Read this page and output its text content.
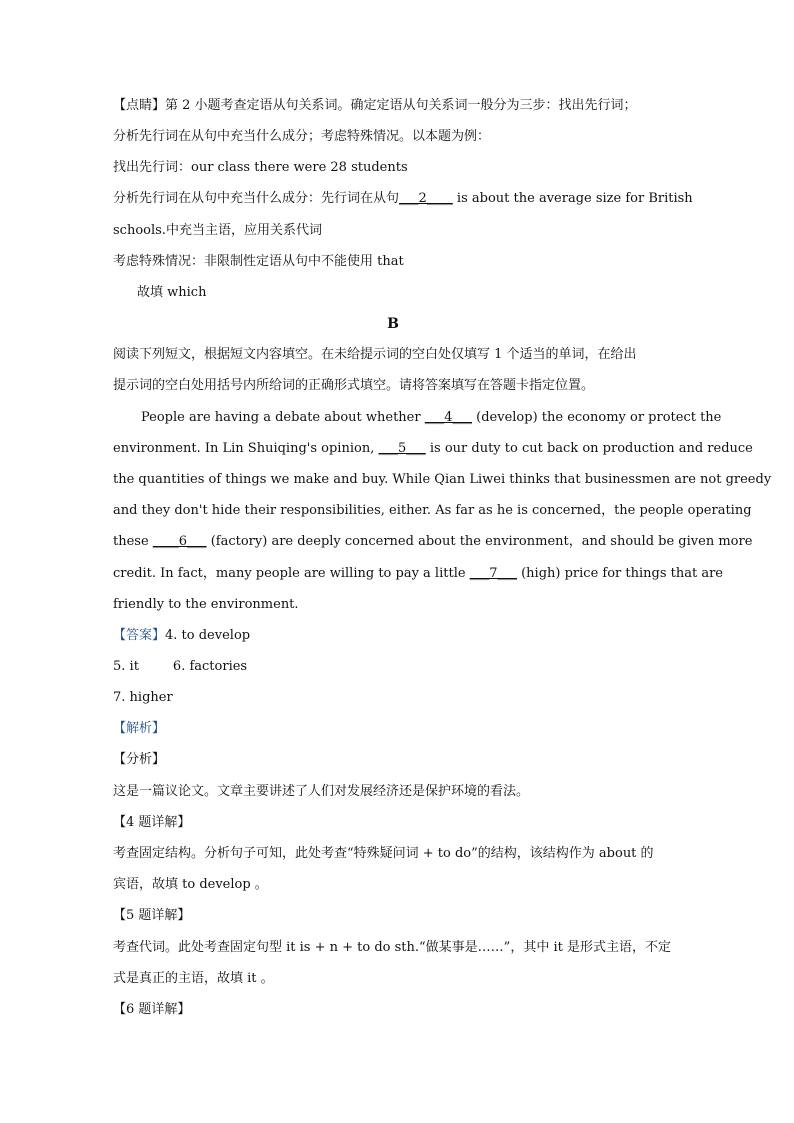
【点睛】第 2 小题考查定语从句关系词。确定定语从句关系词一般分为三步：找出先行词；
分析先行词在从句中充当什么成分；考虑特殊情况。以本题为例：
找出先行词：our class there were 28 students
分析先行词在从句中充当什么成分：先行词在从句___2____ is about the average size for British
schools.中充当主语，应用关系代词
考虑特殊情况：非限制性定语从句中不能使用 that
故填 which
B
阅读下列短文，根据短文内容填空。在未给提示词的空白处仅填写 1 个适当的单词，在给出
提示词的空白处用括号内所给词的正确形式填空。请将答案填写在答题卡指定位置。
People are having a debate about whether ___4___ (develop) the economy or protect the
environment. In Lin Shuiqing's opinion, ___5___ is our duty to cut back on production and reduce
the quantities of things we make and buy. While Qian Liwei thinks that businessmen are not greedy
and they don't hide their responsibilities, either. As far as he is concerned，the people operating
these ____6___ (factory) are deeply concerned about the environment，and should be given more
credit. In fact，many people are willing to pay a little ___7___ (high) price for things that are
friendly to the environment.
【答案】4. to develop
5. it	6. factories
7. higher
【解析】
【分析】
这是一篇议论文。文章主要讲述了人们对发展经济还是保护环境的看法。
【4 题详解】
考查固定结构。分析句子可知，此处考查“特殊疑问词 + to do”的结构，该结构作为 about 的
宾语，故填 to develop 。
【5 题详解】
考查代词。此处考查固定句型 it is + n + to do sth.“做某事是……”，其中 it 是形式主语，不定
式是真正的主语，故填 it 。
【6 题详解】
